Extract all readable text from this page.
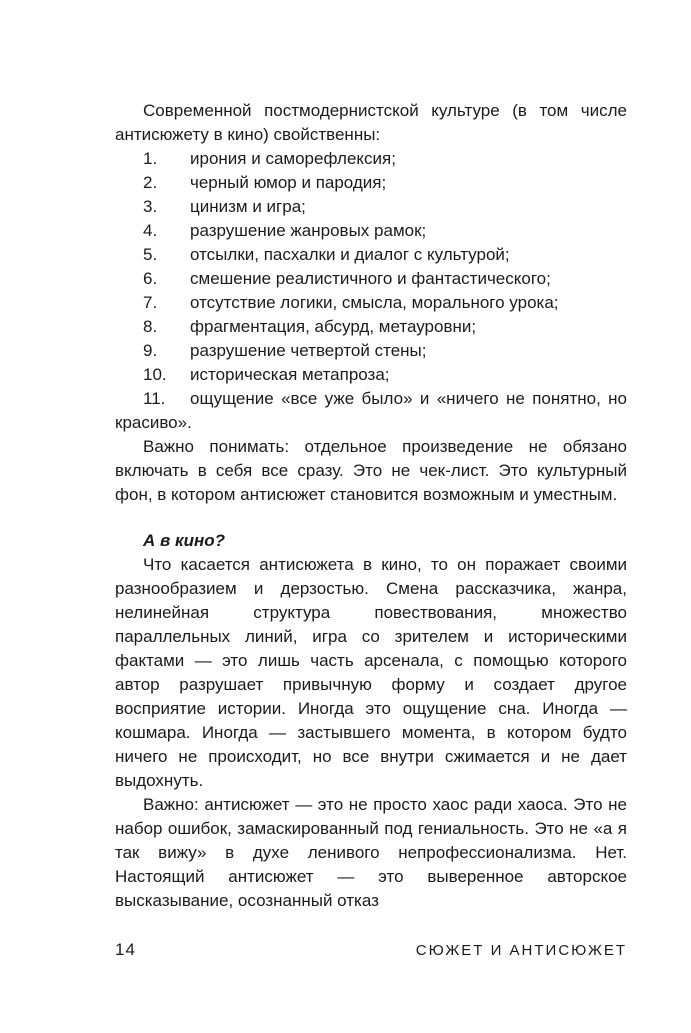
Современной постмодернистской культуре (в том числе антисюжету в кино) свойственны:

1. ирония и саморефлексия;
2. черный юмор и пародия;
3. цинизм и игра;
4. разрушение жанровых рамок;
5. отсылки, пасхалки и диалог с культурой;
6. смешение реалистичного и фантастического;
7. отсутствие логики, смысла, морального урока;
8. фрагментация, абсурд, метауровни;
9. разрушение четвертой стены;
10. историческая метапроза;
11. ощущение «все уже было» и «ничего не понятно, но красиво».

Важно понимать: отдельное произведение не обязано включать в себя все сразу. Это не чек-лист. Это культурный фон, в котором антисюжет становится возможным и уместным.

А в кино?

Что касается антисюжета в кино, то он поражает своими разнообразием и дерзостью. Смена рассказчика, жанра, нелинейная структура повествования, множество параллельных линий, игра со зрителем и историческими фактами — это лишь часть арсенала, с помощью которого автор разрушает привычную форму и создает другое восприятие истории. Иногда это ощущение сна. Иногда — кошмара. Иногда — застывшего момента, в котором будто ничего не происходит, но все внутри сжимается и не дает выдохнуть.

Важно: антисюжет — это не просто хаос ради хаоса. Это не набор ошибок, замаскированный под гениальность. Это не «а я так вижу» в духе ленивого непрофессионализма. Нет. Настоящий антисюжет — это выверенное авторское высказывание, осознанный отказ

14	СЮЖЕТ И АНТИСЮЖЕТ
